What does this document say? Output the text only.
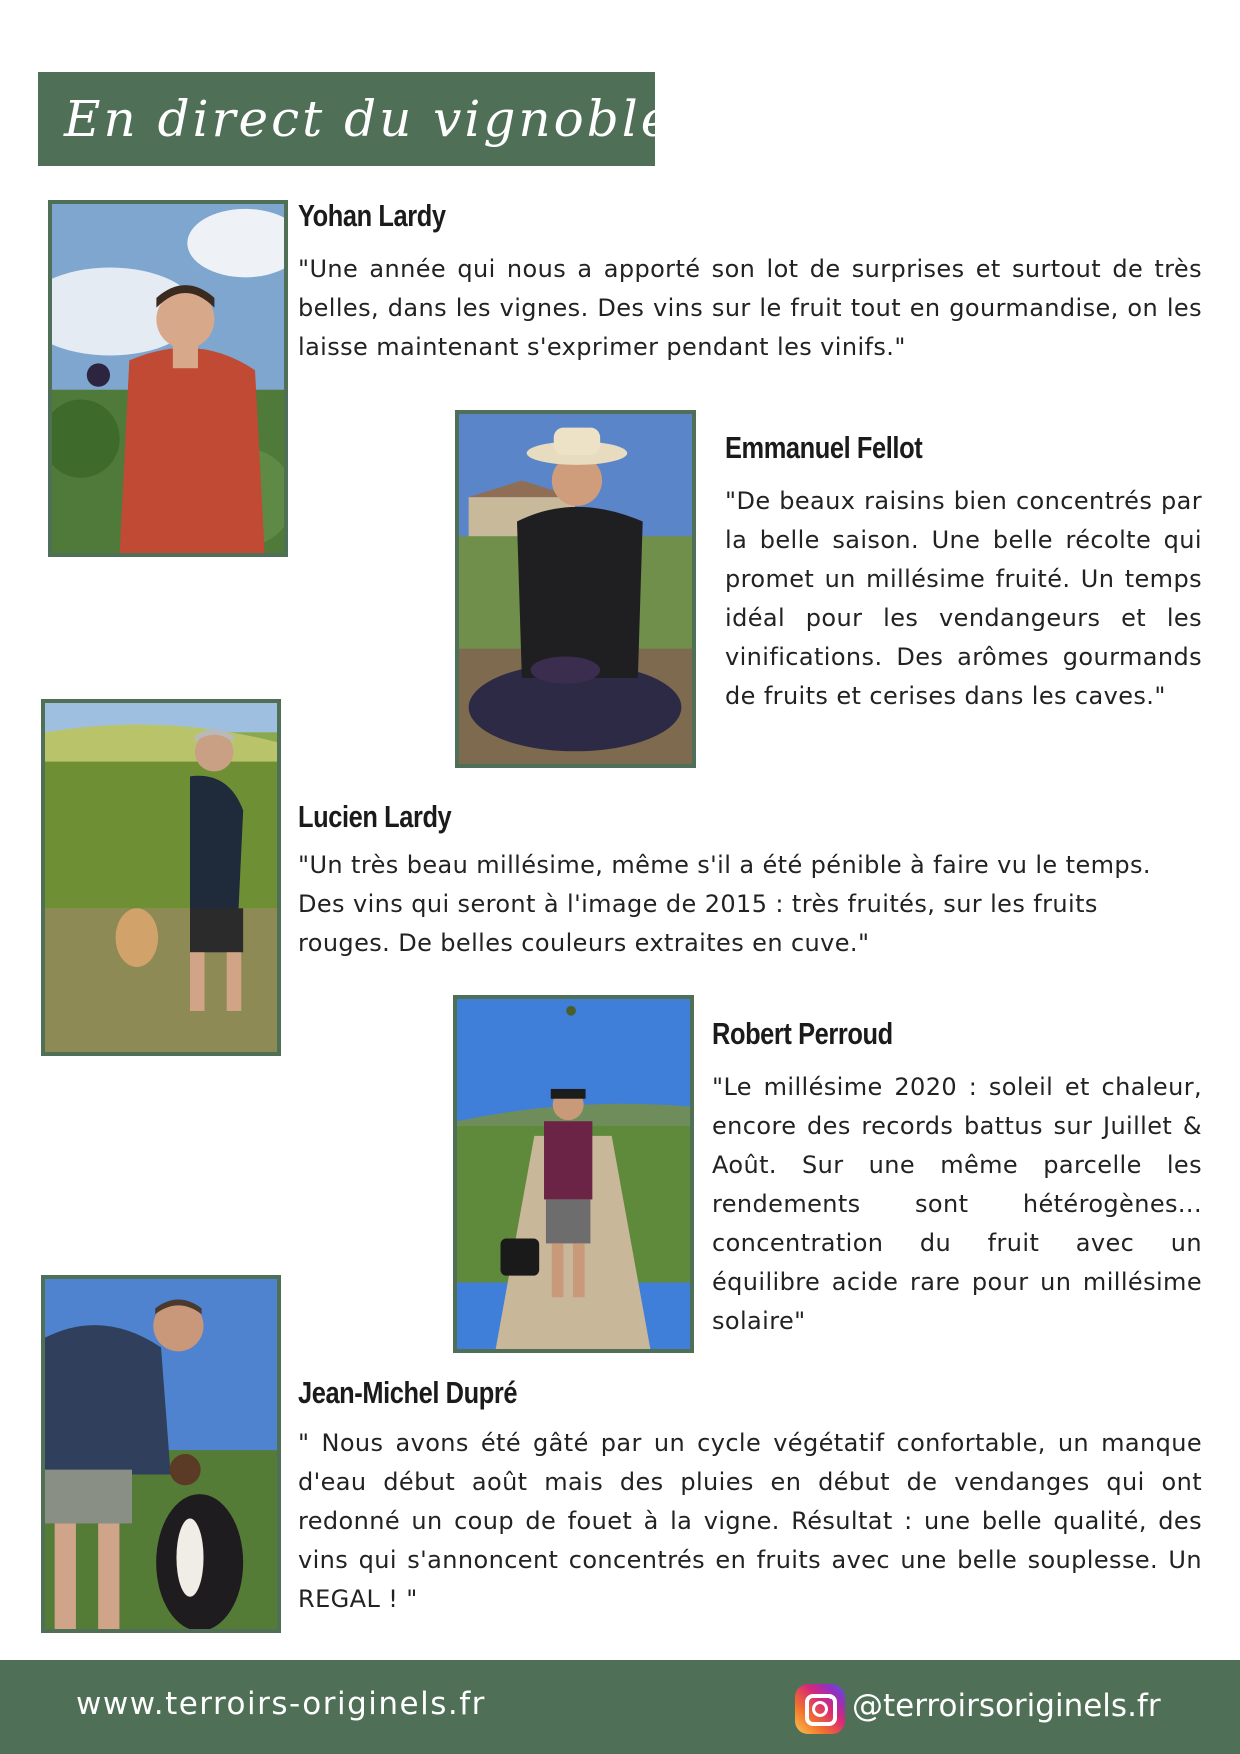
En direct du vignoble
Yohan Lardy
"Une année qui nous a apporté son lot de surprises et surtout de très belles, dans les vignes. Des vins sur le fruit tout en gourmandise, on les laisse maintenant s'exprimer pendant les vinifs."
Emmanuel Fellot
"De beaux raisins bien concentrés par la belle saison. Une belle récolte qui promet un millésime fruité. Un temps idéal pour les vendangeurs et les vinifications. Des arômes gourmands de fruits et cerises dans les caves."
Lucien Lardy
"Un très beau millésime, même s'il a été pénible à faire vu le temps. Des vins qui seront à l'image de 2015 : très fruités, sur les fruits rouges. De belles couleurs extraites en cuve."
Robert Perroud
"Le millésime 2020 : soleil et chaleur, encore des records battus sur Juillet & Août. Sur une même parcelle les rendements sont hétérogènes... concentration du fruit avec un équilibre acide rare pour un millésime solaire"
Jean-Michel Dupré
" Nous avons été gâté par un cycle végétatif confortable, un manque d'eau début août mais des pluies en début de vendanges qui ont redonné un coup de fouet à la vigne. Résultat : une belle qualité, des vins qui s'annoncent concentrés en fruits avec une belle souplesse. Un REGAL ! "
www.terroirs-originels.fr	@terroirsoriginels.fr
